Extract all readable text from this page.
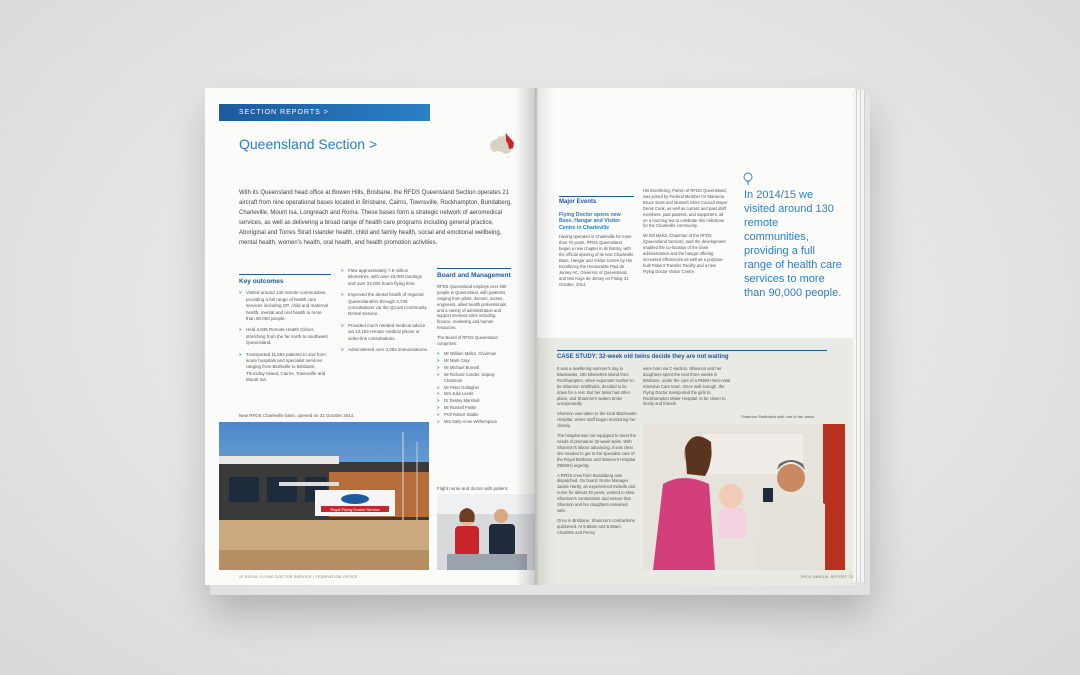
SECTION REPORTS >
Queensland Section >
With its Queensland head office at Bowen Hills, Brisbane, the RFDS Queensland Section operates 21 aircraft from nine operational bases located in Brisbane, Cairns, Townsville, Rockhampton, Bundaberg, Charleville, Mount Isa, Longreach and Roma. These bases form a strategic network of aeromedical services, as well as delivering a broad range of health care programs including general practice, Aboriginal and Torres Strait Islander health, child and family health, social and emotional wellbeing, mental health, women's health, oral health, and health promotion activities.
Key outcomes
> Visited around 130 remote communities, providing a full range of health care services including GP, child and maternal health, mental and oral health to more than 90,000 people.
> Held 4,835 Remote Health Clinics stretching from the far north to southwest Queensland.
> Transported 11,554 patients to and from acute hospitals and specialist services ranging from Birdsville to Brisbane, Thursday Island, Cairns, Townsville and Mount Isa.
> Flew approximately 7.9 million kilometres, with over 23,000 landings and over 24,000 hours flying time.
> Improved the dental health of regional Queenslanders through 2,726 consultations via the QCoal Community Dental Service.
> Provided much needed medical advice via 13,153 remote medical phone or video-link consultations.
> Administered over 4,052 immunisations.
Board and Management

RFDS Queensland employs over 400 people in Queensland, with positions ranging from pilots, doctors, nurses, engineers, allied health professionals, and a variety of administration and support services roles including finance, marketing and human resources.

The Board of RFDS Queensland comprises:

> Mr William Mellor, Chairman
> Mr Mark Gray
> Mr Michael Burnett
> Mr Richard Conder, Deputy Chairman
> Mr Peter Gallagher
> Mrs Julia Leeds
> Dr Desley Marshall
> Mr Russell Postle
> Prof Robert Stable
> Mrs Sally-Anne Witherspoon
New RFDS Charleville base, opened on 31 October 2014.
Royal Flying Doctor Service
Flight nurse and doctor with patient.
22 ROYAL FLYING DOCTOR SERVICE | FEDERATION OFFICE
Major Events
Flying Doctor opens new Base, Hangar and Visitor Centre in Charleville

Having operated in Charleville for more than 70 years, RFDS Queensland began a new chapter in its history, with the official opening of its new Charleville Base, Hangar and Visitor Centre by His Excellency the Honourable Paul de Jersey AC, Governor of Queensland, and Mrs Kaye de Jersey on Friday 31 October, 2014.

His Excellency, Patron of RFDS Queensland, was joined by Federal Member for Maranoa Bruce Scott and Murweh Shire Council Mayor Denis Cook, as well as current and past staff members, past patients, and supporters, all on a morning tea to celebrate this milestone for the Charleville community.

Mr Bill Mellor, Chairman of the RFDS (Queensland Section), said the development enabled the co-location of the base administration and the hangar offering increased efficiencies as well as a purpose-built Patient Transfer Facility and a new Flying Doctor Visitor Centre.

In 2014/15 we visited around 130 remote communities, providing a full range of health care services to more than 90,000 people.
CASE STUDY: 32-week old twins decide they are not waiting

It was a sweltering summer's day in Blackwater, 190 kilometres inland from Rockhampton, when expectant mother-to-be Shannon Smithwick, decided to lie down for a rest. But her twins had other plans, and Shannon's waters broke unexpectedly.

Shannon was taken to the local Blackwater Hospital, where staff began monitoring her closely.

The hospital was not equipped to meet the needs of premature 32-week twins. With Shannon's labour advancing, it was clear she needed to get to the specialist care of the Royal Brisbane and Women's Hospital (RBWH) urgently.

A RFDS crew from Bundaberg was dispatched. On board, Nurse Manager Jackie Hardy, an experienced midwife and nurse for almost 30 years, worked to slow Shannon's contractions and ensure that Shannon and her daughters remained safe.

Once in Brisbane, Shannon's contractions quickened. At 9.58am and 9.59am, Charlotte and Penny

were born via C-section. Shannon and her daughters spent the next three weeks in Brisbane, under the care of a RBWH Neo-natal Intensive Care team. Once well enough, the Flying Doctor transported the girls to Rockhampton Mater Hospital, to be closer to family and friends.

Shannon Smithwick with one of her twins.
RFDS ANNUAL REPORT 23
